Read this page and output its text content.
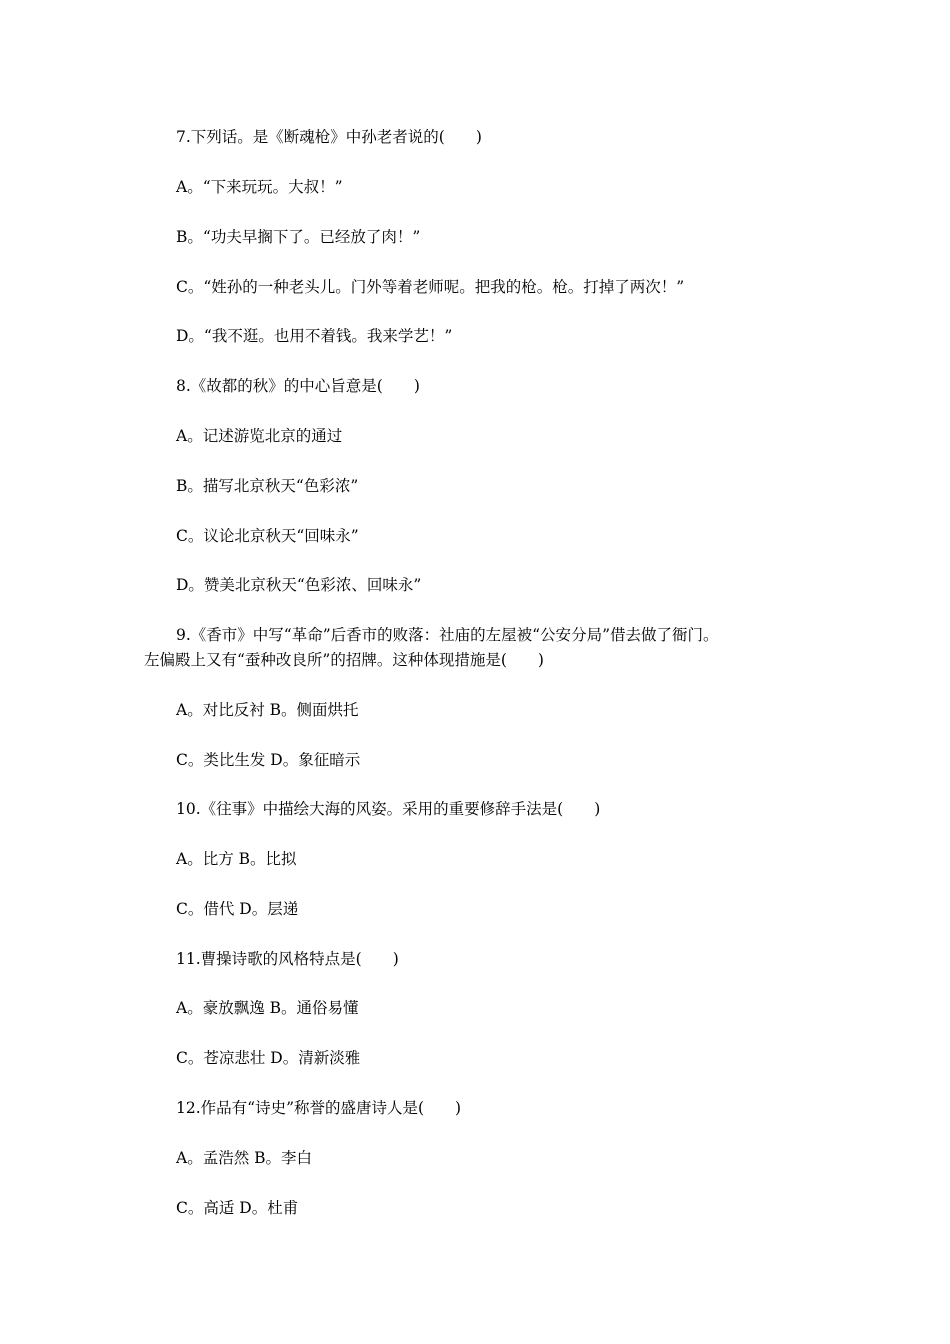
7.下列话。是《断魂枪》中孙老者说的(　　)
A。“下来玩玩。大叔！”
B。“功夫早搁下了。已经放了肉！”
C。“姓孙的一种老头儿。门外等着老师呢。把我的枪。枪。打掉了两次！”
D。“我不逛。也用不着钱。我来学艺！”
8.《故都的秋》的中心旨意是(　　)
A。记述游览北京的通过
B。描写北京秋天“色彩浓”
C。议论北京秋天“回味永”
D。赞美北京秋天“色彩浓、回味永”
9.《香市》中写“革命”后香市的败落：社庙的左屋被“公安分局”借去做了衙门。
左偏殿上又有“蚕种改良所”的招牌。这种体现措施是(　　)
A。对比反衬 B。侧面烘托
C。类比生发 D。象征暗示
10.《往事》中描绘大海的风姿。采用的重要修辞手法是(　　)
A。比方 B。比拟
C。借代 D。层递
11.曹操诗歌的风格特点是(　　)
A。豪放飘逸 B。通俗易懂
C。苍凉悲壮 D。清新淡雅
12.作品有“诗史”称誉的盛唐诗人是(　　)
A。孟浩然 B。李白
C。高适 D。杜甫
